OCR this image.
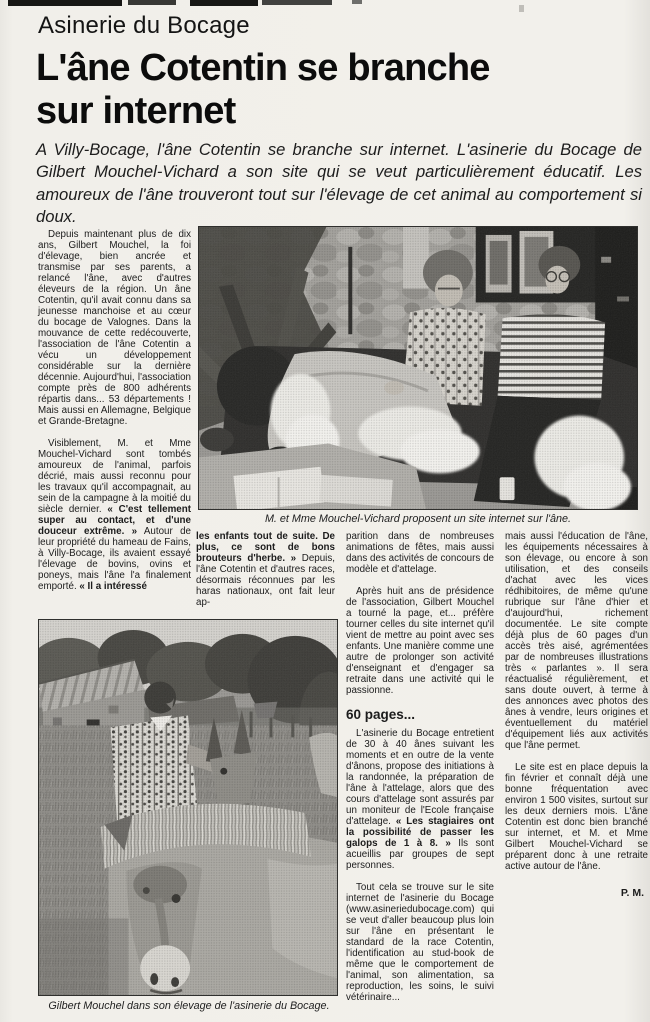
Asinerie du Bocage
L'âne Cotentin se branche
sur internet
A Villy-Bocage, l'âne Cotentin se branche sur internet. L'asinerie du Bocage de Gilbert Mouchel-Vichard a son site qui se veut particulièrement éducatif. Les amoureux de l'âne trouveront tout sur l'élevage de cet animal au comportement si doux.
M. et Mme Mouchel-Vichard proposent un site internet sur l'âne.
Gilbert Mouchel dans son élevage de l'asinerie du Bocage.

Depuis maintenant plus de dix ans, Gilbert Mouchel, la foi d'élevage, bien ancrée et transmise par ses parents, a relancé l'âne, avec d'autres éleveurs de la région. Un âne Cotentin, qu'il avait connu dans sa jeunesse manchoise et au cœur du bocage de Valognes. Dans la mouvance de cette redécouverte, l'association de l'âne Cotentin a vécu un développement considérable sur la dernière décennie. Aujourd'hui, l'association compte près de 800 adhérents répartis dans... 53 départements ! Mais aussi en Allemagne, Belgique et Grande-Bretagne.

Visiblement, M. et Mme Mouchel-Vichard sont tombés amoureux de l'animal, parfois décrié, mais aussi reconnu pour les travaux qu'il accompagnait, au sein de la campagne à la moitié du siècle dernier. « C'est tellement super au contact, et d'une douceur extrême. » Autour de leur propriété du hameau de Fains, à Villy-Bocage, ils avaient essayé l'élevage de bovins, ovins et poneys, mais l'âne l'a finalement emporté. « Il a intéressé

les enfants tout de suite. De plus, ce sont de bons brouteurs d'herbe. » Depuis, l'âne Cotentin et d'autres races, désormais réconnues par les haras nationaux, ont fait leur ap-

parition dans de nombreuses animations de fêtes, mais aussi dans des activités de concours de modèle et d'attelage.

Après huit ans de présidence de l'association, Gilbert Mouchel a tourné la page, et... préfère tourner celles du site internet qu'il vient de mettre au point avec ses enfants. Une manière comme une autre de prolonger son activité d'enseignant et d'engager sa retraite dans une activité qui le passionne.

60 pages...

L'asinerie du Bocage entretient de 30 à 40 ânes suivant les moments et en outre de la vente d'ânons, propose des initiations à la randonnée, la préparation de l'âne à l'attelage, alors que des cours d'attelage sont assurés par un moniteur de l'Ecole française d'attelage. « Les stagiaires ont la possibilité de passer les galops de 1 à 8. » Ils sont acueillis par groupes de sept personnes.

Tout cela se trouve sur le site internet de l'asinerie du Bocage (www.asineriedubocage.com) qui se veut d'aller beaucoup plus loin sur l'âne en présentant le standard de la race Cotentin, l'identification au stud-book de même que le comportement de l'animal, son alimentation, sa reproduction, les soins, le suivi vétérinaire...

mais aussi l'éducation de l'âne, les équipements nécessaires à son élevage, ou encore à son utilisation, et des conseils d'achat avec les vices rédhibitoires, de même qu'une rubrique sur l'âne d'hier et d'aujourd'hui, richement documentée. Le site compte déjà plus de 60 pages d'un accès très aisé, agrémentées par de nombreuses illustrations très « parlantes ». Il sera réactualisé régulièrement, et sans doute ouvert, à terme à des annonces avec photos des ânes à vendre, leurs origines et éventuellement du matériel d'équipement liés aux activités que l'âne permet.

Le site est en place depuis la fin février et connaît déjà une bonne fréquentation avec environ 1 500 visites, surtout sur les deux derniers mois. L'âne Cotentin est donc bien branché sur internet, et M. et Mme Gilbert Mouchel-Vichard se préparent donc à une retraite active autour de l'âne.

P. M.
